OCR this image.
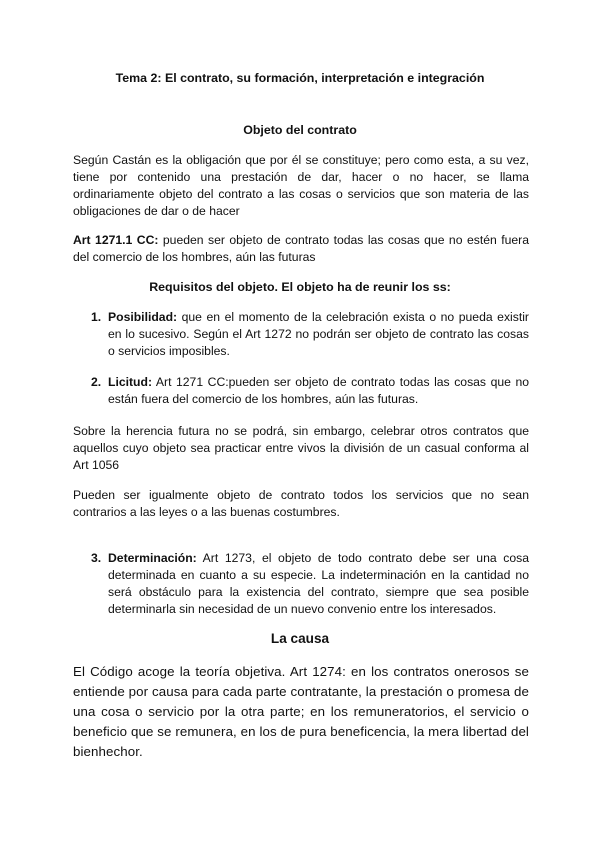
Tema 2: El contrato, su formación, interpretación e integración
Objeto del contrato
Según Castán es la obligación que por él se constituye; pero como esta, a su vez, tiene por contenido una prestación de dar, hacer o no hacer, se llama ordinariamente objeto del contrato a las cosas o servicios que son materia de las obligaciones de dar o de hacer
Art 1271.1 CC: pueden ser objeto de contrato todas las cosas que no estén fuera del comercio de los hombres, aún las futuras
Requisitos del objeto. El objeto ha de reunir los ss:
1. Posibilidad: que en el momento de la celebración exista o no pueda existir en lo sucesivo. Según el Art 1272 no podrán ser objeto de contrato las cosas o servicios imposibles.
2. Licitud: Art 1271 CC:pueden ser objeto de contrato todas las cosas que no están fuera del comercio de los hombres, aún las futuras.
Sobre la herencia futura no se podrá, sin embargo, celebrar otros contratos que aquellos cuyo objeto sea practicar entre vivos la división de un casual conforma al Art 1056
Pueden ser igualmente objeto de contrato todos los servicios que no sean contrarios a las leyes o a las buenas costumbres.
3. Determinación: Art 1273, el objeto de todo contrato debe ser una cosa determinada en cuanto a su especie. La indeterminación en la cantidad no será obstáculo para la existencia del contrato, siempre que sea posible determinarla sin necesidad de un nuevo convenio entre los interesados.
La causa
El Código acoge la teoría objetiva. Art 1274: en los contratos onerosos se entiende por causa para cada parte contratante, la prestación o promesa de una cosa o servicio por la otra parte; en los remuneratorios, el servicio o beneficio que se remunera, en los de pura beneficencia, la mera libertad del bienhechor.
